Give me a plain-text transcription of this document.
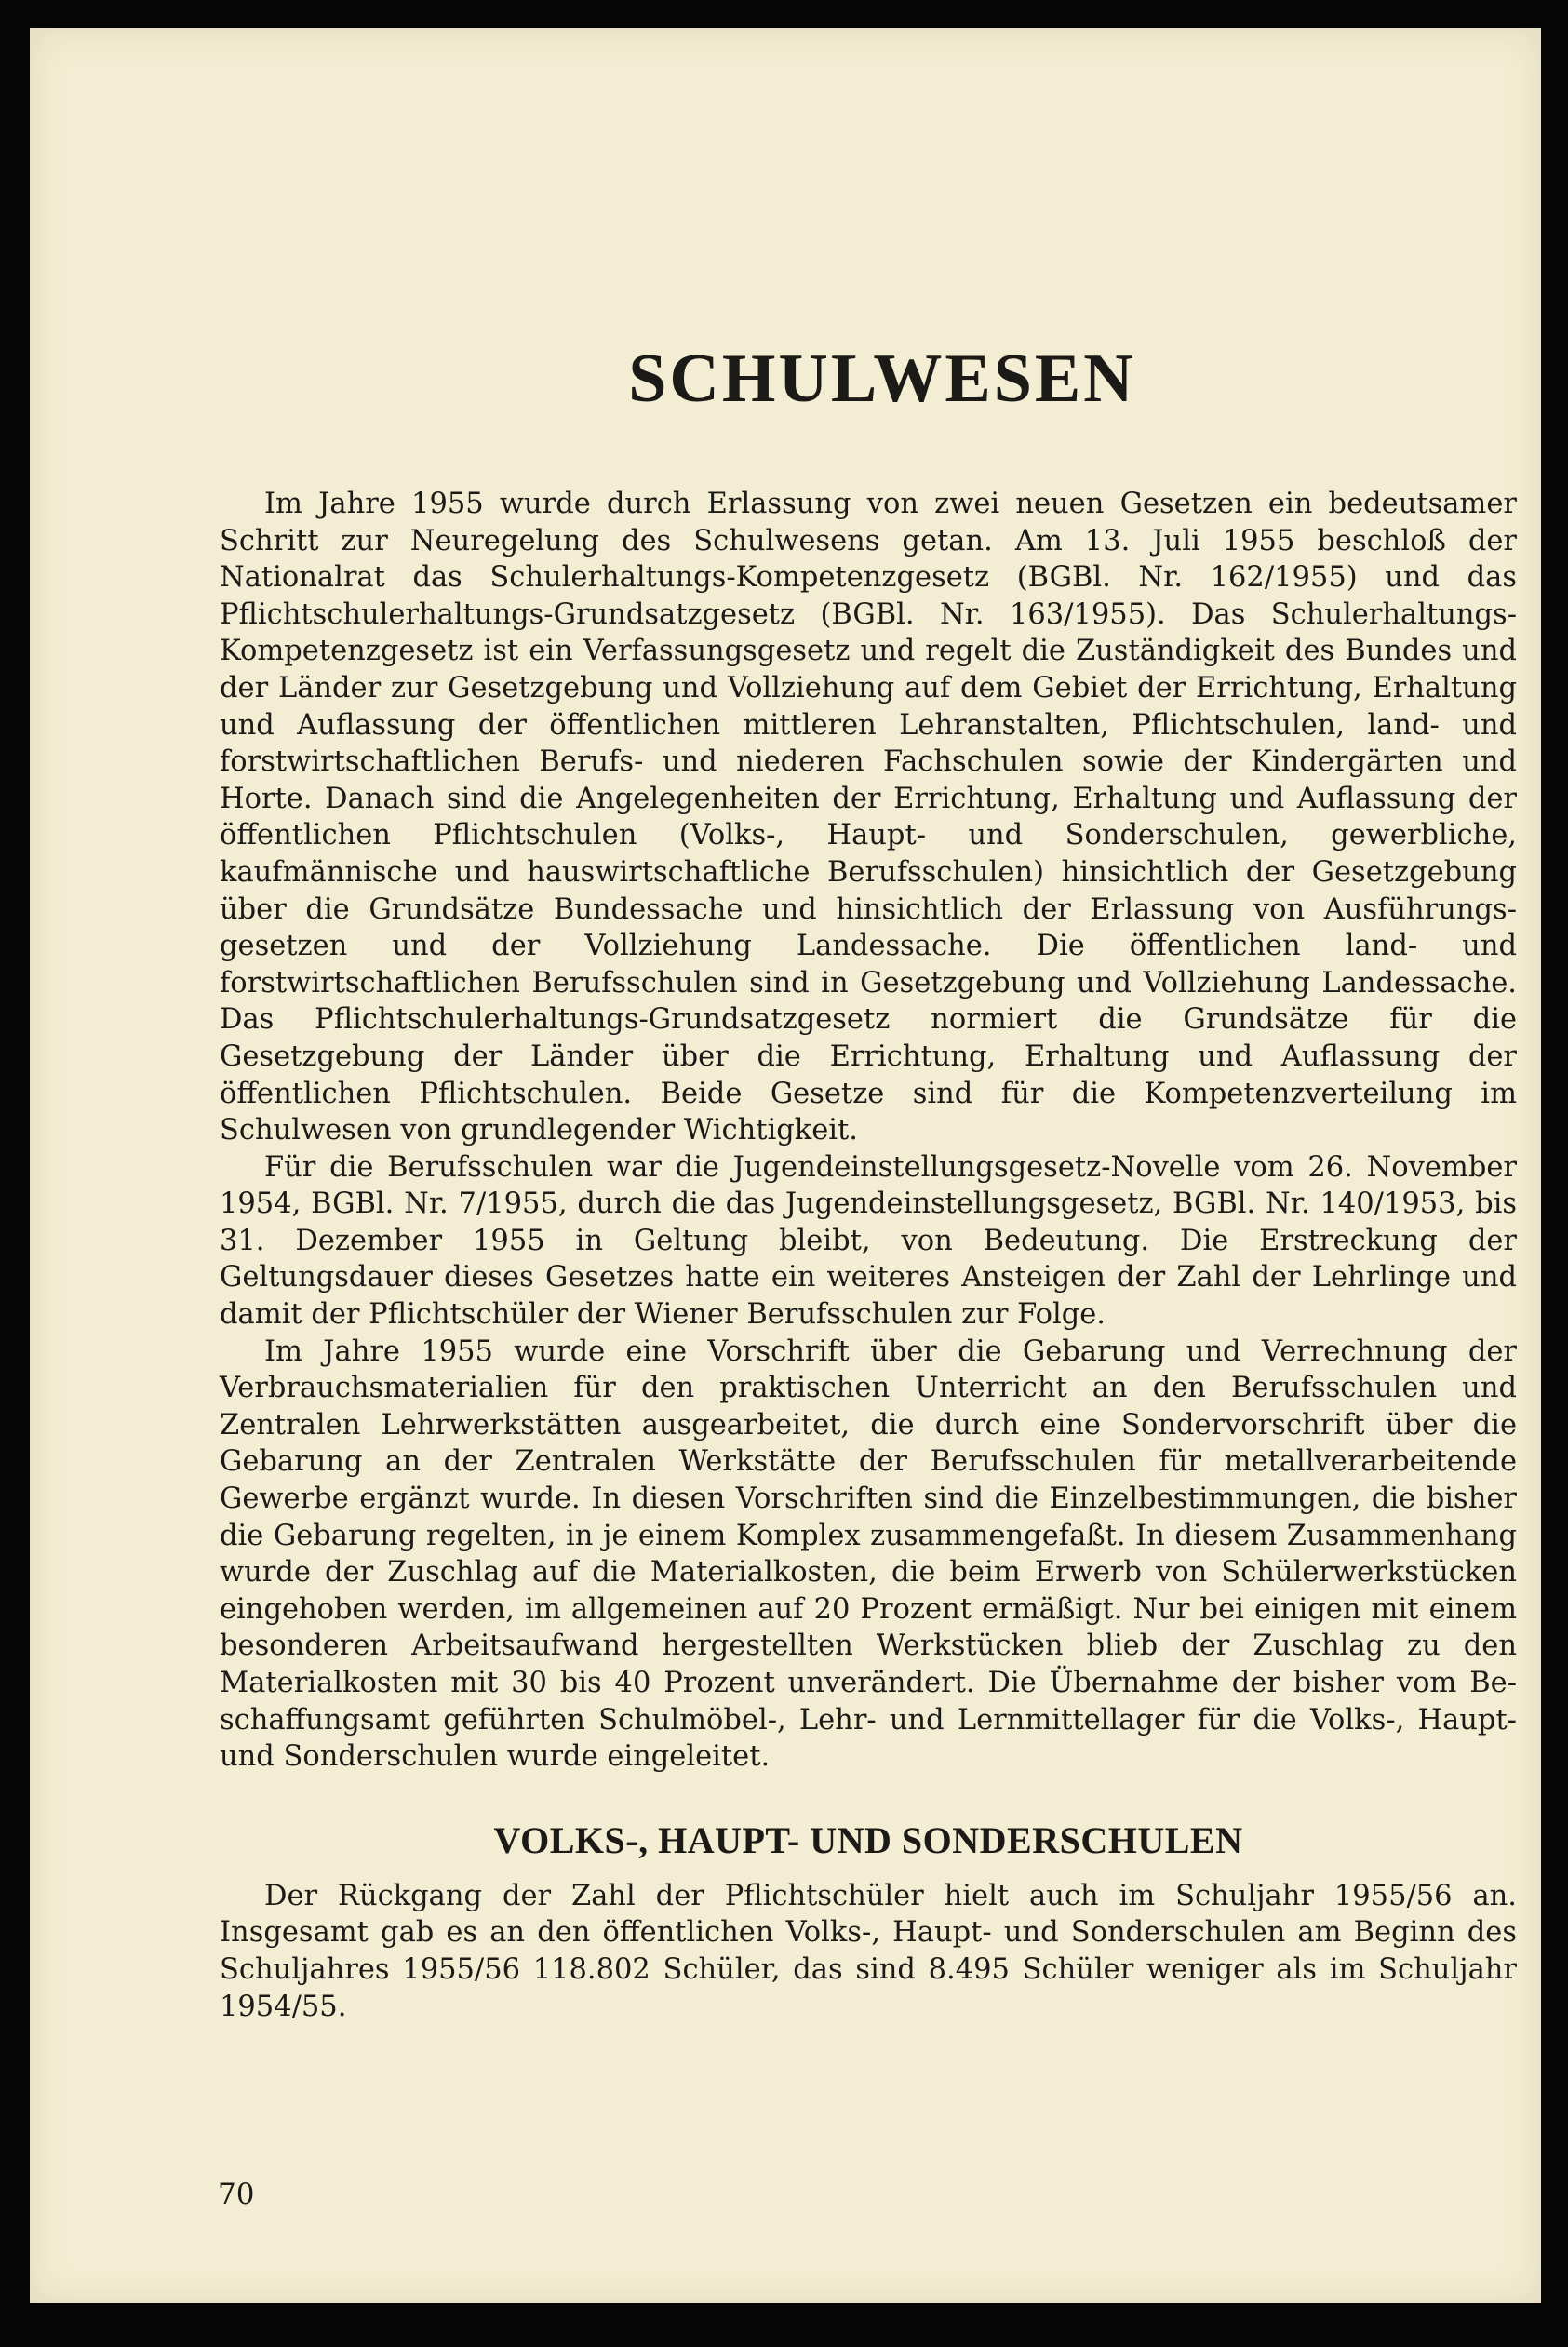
SCHULWESEN

Im Jahre 1955 wurde durch Erlassung von zwei neuen Gesetzen ein bedeutsamer Schritt zur Neuregelung des Schulwesens getan. Am 13. Juli 1955 beschloß der Nationalrat das Schulerhaltungs-Kompetenzgesetz (BGBl. Nr. 162/1955) und das Pflichtschulerhaltungs-Grundsatzgesetz (BGBl. Nr. 163/1955). Das Schulerhaltungs-Kompetenzgesetz ist ein Verfassungsgesetz und regelt die Zuständigkeit des Bundes und der Länder zur Gesetzgebung und Vollziehung auf dem Gebiet der Errichtung, Erhaltung und Auflassung der öffentlichen mittleren Lehranstalten, Pflichtschulen, land- und forstwirtschaftlichen Berufs- und niederen Fachschulen sowie der Kindergärten und Horte. Danach sind die Angelegenheiten der Errichtung, Erhaltung und Auflassung der öffentlichen Pflichtschulen (Volks-, Haupt- und Sonderschulen, gewerbliche, kaufmännische und hauswirtschaftliche Berufsschulen) hinsichtlich der Gesetzgebung über die Grundsätze Bundessache und hinsichtlich der Erlassung von Ausführungsgesetzen und der Vollziehung Landessache. Die öffentlichen land- und forstwirtschaftlichen Berufsschulen sind in Gesetzgebung und Vollziehung Landessache. Das Pflichtschulerhaltungs-Grundsatzgesetz normiert die Grundsätze für die Gesetzgebung der Länder über die Errichtung, Erhaltung und Auflassung der öffentlichen Pflichtschulen. Beide Gesetze sind für die Kompetenzverteilung im Schulwesen von grundlegender Wichtigkeit.

Für die Berufsschulen war die Jugendeinstellungsgesetz-Novelle vom 26. November 1954, BGBl. Nr. 7/1955, durch die das Jugendeinstellungsgesetz, BGBl. Nr. 140/1953, bis 31. Dezember 1955 in Geltung bleibt, von Bedeutung. Die Erstreckung der Geltungsdauer dieses Gesetzes hatte ein weiteres Ansteigen der Zahl der Lehrlinge und damit der Pflichtschüler der Wiener Berufsschulen zur Folge.

Im Jahre 1955 wurde eine Vorschrift über die Gebarung und Verrechnung der Verbrauchsmaterialien für den praktischen Unterricht an den Berufsschulen und Zentralen Lehrwerkstätten ausgearbeitet, die durch eine Sondervorschrift über die Gebarung an der Zentralen Werkstätte der Berufsschulen für metallverarbeitende Gewerbe ergänzt wurde. In diesen Vorschriften sind die Einzelbestimmungen, die bisher die Gebarung regelten, in je einem Komplex zusammengefaßt. In diesem Zusammenhang wurde der Zuschlag auf die Materialkosten, die beim Erwerb von Schülerwerkstücken eingehoben werden, im allgemeinen auf 20 Prozent ermäßigt. Nur bei einigen mit einem besonderen Arbeitsaufwand hergestellten Werkstücken blieb der Zuschlag zu den Materialkosten mit 30 bis 40 Prozent unverändert. Die Übernahme der bisher vom Beschaffungsamt geführten Schulmöbel-, Lehr- und Lernmittellager für die Volks-, Haupt- und Sonderschulen wurde eingeleitet.

VOLKS-, HAUPT- UND SONDERSCHULEN

Der Rückgang der Zahl der Pflichtschüler hielt auch im Schuljahr 1955/56 an. Insgesamt gab es an den öffentlichen Volks-, Haupt- und Sonderschulen am Beginn des Schuljahres 1955/56 118.802 Schüler, das sind 8.495 Schüler weniger als im Schuljahr 1954/55.

70
